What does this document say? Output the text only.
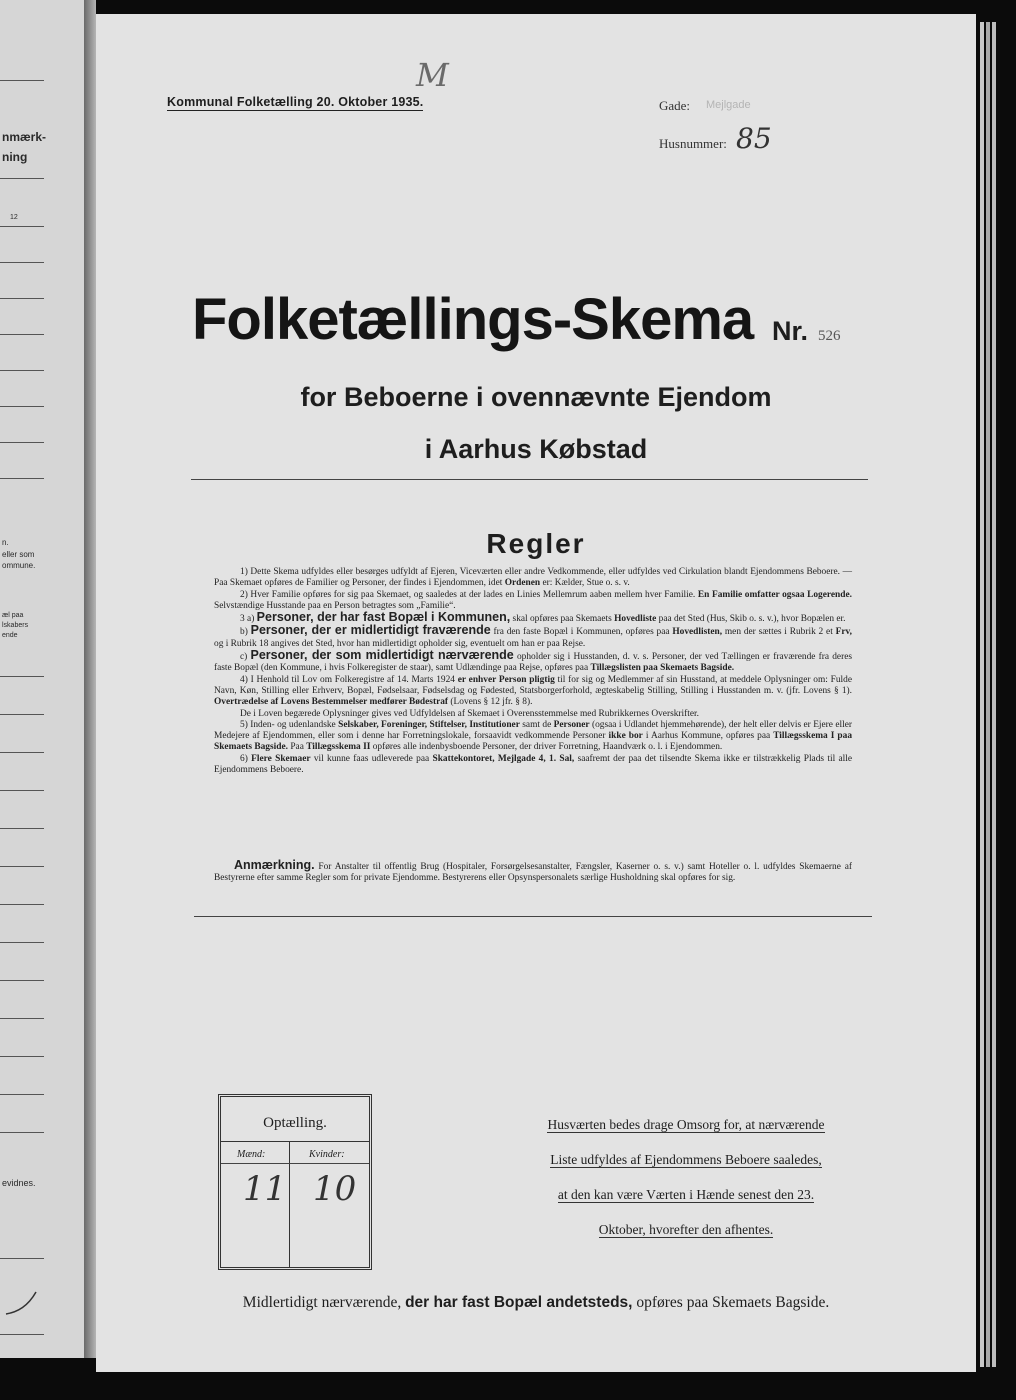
nmærk-
ning
12
n.
eller som
ommune.
æl paa
lskabers
ende
evidnes.
M
Kommunal Folketælling 20. Oktober 1935.	Gade: Mejlgade
Husnummer: 85
Folketællings-Skema Nr. 526
for Beboerne i ovennævnte Ejendom
i Aarhus Købstad
Regler

1) Dette Skema udfyldes eller besørges udfyldt af Ejeren, Viceværten eller andre Vedkommende, eller udfyldes ved Cirkulation blandt Ejendommens Beboere. — Paa Skemaet opføres de Familier og Personer, der findes i Ejendommen, idet Ordenen er: Kælder, Stue o. s. v.

2) Hver Familie opføres for sig paa Skemaet, og saaledes at der lades en Linies Mellemrum aaben mellem hver Familie. En Familie omfatter ogsaa Logerende. Selvstændige Husstande paa en Person betragtes som „Familie“.

3 a) Personer, der har fast Bopæl i Kommunen, skal opføres paa Skemaets Hovedliste paa det Sted (Hus, Skib o. s. v.), hvor Bopælen er.

b) Personer, der er midlertidigt fraværende fra den faste Bopæl i Kommunen, opføres paa Hovedlisten, men der sættes i Rubrik 2 et Frv, og i Rubrik 18 angives det Sted, hvor han midlertidigt opholder sig, eventuelt om han er paa Rejse.

c) Personer, der som midlertidigt nærværende opholder sig i Husstanden, d. v. s. Personer, der ved Tællingen er fraværende fra deres faste Bopæl (den Kommune, i hvis Folkeregister de staar), samt Udlændinge paa Rejse, opføres paa Tillægslisten paa Skemaets Bagside.

4) I Henhold til Lov om Folkeregistre af 14. Marts 1924 er enhver Person pligtig til for sig og Medlemmer af sin Husstand, at meddele Oplysninger om: Fulde Navn, Køn, Stilling eller Erhverv, Bopæl, Fødselsaar, Fødselsdag og Fødested, Statsborgerforhold, ægteskabelig Stilling, Stilling i Husstanden m. v. (jfr. Lovens § 1). Overtrædelse af Lovens Bestemmelser medfører Bødestraf (Lovens § 12 jfr. § 8).

De i Loven begærede Oplysninger gives ved Udfyldelsen af Skemaet i Overensstemmelse med Rubrikkernes Overskrifter.

5) Inden- og udenlandske Selskaber, Foreninger, Stiftelser, Institutioner samt de Personer (ogsaa i Udlandet hjemmehørende), der helt eller delvis er Ejere eller Medejere af Ejendommen, eller som i denne har Forretningslokale, forsaavidt vedkommende Personer ikke bor i Aarhus Kommune, opføres paa Tillægsskema I paa Skemaets Bagside. Paa Tillægsskema II opføres alle indenbysboende Personer, der driver Forretning, Haandværk o. l. i Ejendommen.

6) Flere Skemaer vil kunne faas udleverede paa Skattekontoret, Mejlgade 4, 1. Sal, saafremt der paa det tilsendte Skema ikke er tilstrækkelig Plads til alle Ejendommens Beboere.

Anmærkning. For Anstalter til offentlig Brug (Hospitaler, Forsørgelsesanstalter, Fængsler, Kaserner o. s. v.) samt Hoteller o. l. udfyldes Skemaerne af Bestyrerne efter samme Regler som for private Ejendomme. Bestyrerens eller Opsynspersonalets særlige Husholdning skal opføres for sig.

Optælling.
Mænd:	Kvinder:
11 10
Husværten bedes drage Omsorg for, at nærværende
Liste udfyldes af Ejendommens Beboere saaledes,
at den kan være Værten i Hænde senest den 23.
Oktober, hvorefter den afhentes.
Midlertidigt nærværende, der har fast Bopæl andetsteds, opføres paa Skemaets Bagside.
